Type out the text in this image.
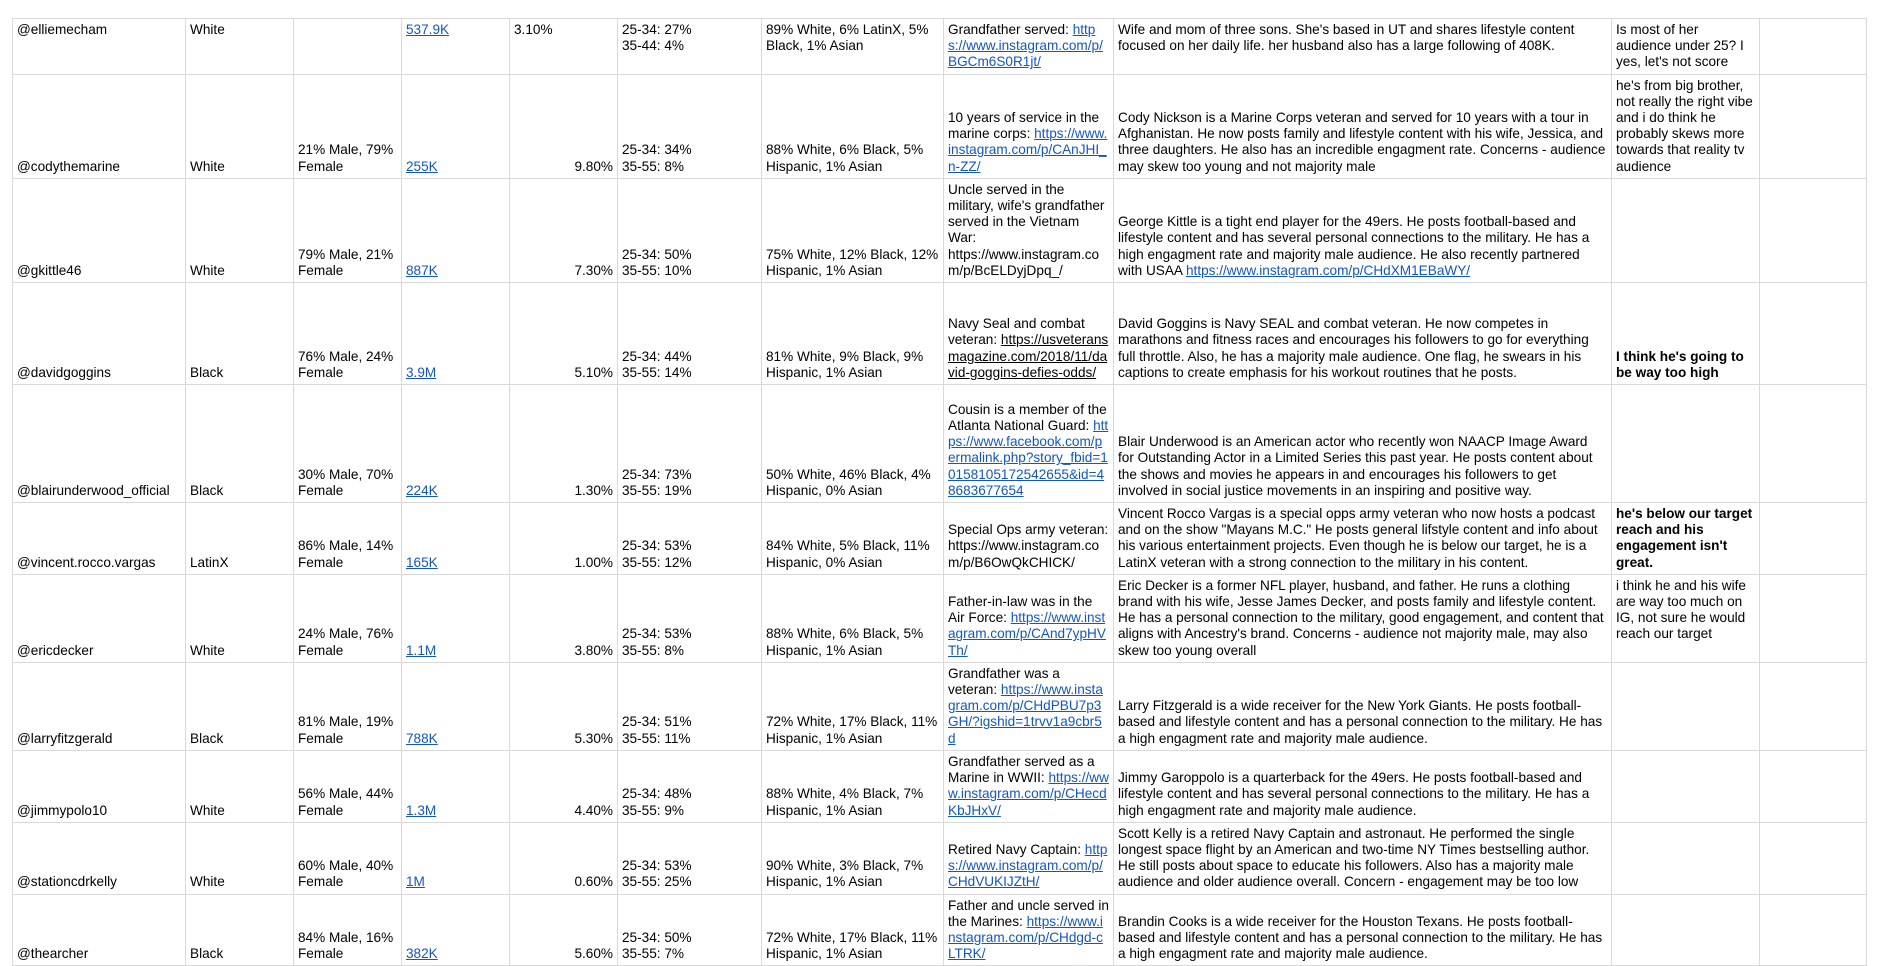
@elliemecham	White		537.9K	3.10%	25-34: 27%
35-44: 4%	89% White, 6% LatinX, 5% Black, 1% Asian	Grandfather served: https://www.instagram.com/p/BGCm6S0R1jt/	Wife and mom of three sons. She's based in UT and shares lifestyle content focused on her daily life. her husband also has a large following of 408K.	Is most of her audience under 25? I yes, let's not score	
@codythemarine	White	21% Male, 79% Female	255K	9.80%	25-34: 34%
35-55: 8%	88% White, 6% Black, 5% Hispanic, 1% Asian	10 years of service in the marine corps: https://www.instagram.com/p/CAnJHI_n-ZZ/	Cody Nickson is a Marine Corps veteran and served for 10 years with a tour in Afghanistan. He now posts family and lifestyle content with his wife, Jessica, and three daughters. He also has an incredible engagment rate. Concerns - audience may skew too young and not majority male	he's from big brother, not really the right vibe and i do think he probably skews more towards that reality tv audience	
@gkittle46	White	79% Male, 21% Female	887K	7.30%	25-34: 50%
35-55: 10%	75% White, 12% Black, 12% Hispanic, 1% Asian	Uncle served in the military, wife's grandfather served in the Vietnam War: https://www.instagram.com/p/BcELDyjDpq_/	George Kittle is a tight end player for the 49ers. He posts football-based and lifestyle content and has several personal connections to the military. He has a high engagment rate and majority male audience. He also recently partnered with USAA https://www.instagram.com/p/CHdXM1EBaWY/		
@davidgoggins	Black	76% Male, 24% Female	3.9M	5.10%	25-34: 44%
35-55: 14%	81% White, 9% Black, 9% Hispanic, 1% Asian	Navy Seal and combat veteran: https://usveteransmagazine.com/2018/11/david-goggins-defies-odds/	David Goggins is Navy SEAL and combat veteran. He now competes in marathons and fitness races and encourages his followers to go for everything full throttle. Also, he has a majority male audience. One flag, he swears in his captions to create emphasis for his workout routines that he posts.	I think he's going to be way too high	
@blairunderwood_official	Black	30% Male, 70% Female	224K	1.30%	25-34: 73%
35-55: 19%	50% White, 46% Black, 4% Hispanic, 0% Asian	Cousin is a member of the Atlanta National Guard: https://www.facebook.com/permalink.php?story_fbid=10158105172542655&id=48683677654	Blair Underwood is an American actor who recently won NAACP Image Award for Outstanding Actor in a Limited Series this past year. He posts content about the shows and movies he appears in and encourages his followers to get involved in social justice movements in an inspiring and positive way.		
@vincent.rocco.vargas	LatinX	86% Male, 14% Female	165K	1.00%	25-34: 53%
35-55: 12%	84% White, 5% Black, 11% Hispanic, 0% Asian	Special Ops army veteran: https://www.instagram.com/p/B6OwQkCHICK/	Vincent Rocco Vargas is a special opps army veteran who now hosts a podcast and on the show "Mayans M.C." He posts general lifstyle content and info about his various entertainment projects. Even though he is below our target, he is a LatinX veteran with a strong connection to the military in his content.	he's below our target reach and his engagement isn't great.	
@ericdecker	White	24% Male, 76% Female	1.1M	3.80%	25-34: 53%
35-55: 8%	88% White, 6% Black, 5% Hispanic, 1% Asian	Father-in-law was in the Air Force: https://www.instagram.com/p/CAnd7ypHVTh/	Eric Decker is a former NFL player, husband, and father. He runs a clothing brand with his wife, Jesse James Decker, and posts family and lifestyle content. He has a personal connection to the military, good engagement, and content that aligns with Ancestry's brand. Concerns - audience not majority male, may also skew too young overall	i think he and his wife are way too much on IG, not sure he would reach our target	
@larryfitzgerald	Black	81% Male, 19% Female	788K	5.30%	25-34: 51%
35-55: 11%	72% White, 17% Black, 11% Hispanic, 1% Asian	Grandfather was a veteran: https://www.instagram.com/p/CHdPBU7p3GH/?igshid=1trvv1a9cbr5d	Larry Fitzgerald is a wide receiver for the New York Giants. He posts football-based and lifestyle content and has a personal connection to the military. He has a high engagment rate and majority male audience.		
@jimmypolo10	White	56% Male, 44% Female	1.3M	4.40%	25-34: 48%
35-55: 9%	88% White, 4% Black, 7% Hispanic, 1% Asian	Grandfather served as a Marine in WWII: https://www.instagram.com/p/CHecdKbJHxV/	Jimmy Garoppolo is a quarterback for the 49ers. He posts football-based and lifestyle content and has several personal connections to the military. He has a high engagment rate and majority male audience.		
@stationcdrkelly	White	60% Male, 40% Female	1M	0.60%	25-34: 53%
35-55: 25%	90% White, 3% Black, 7% Hispanic, 1% Asian	Retired Navy Captain: https://www.instagram.com/p/CHdVUKIJZtH/	Scott Kelly is a retired Navy Captain and astronaut. He performed the single longest space flight by an American and two-time NY Times bestselling author. He still posts about space to educate his followers. Also has a majority male audience and older audience overall. Concern - engagement may be too low		
@thearcher	Black	84% Male, 16% Female	382K	5.60%	25-34: 50%
35-55: 7%	72% White, 17% Black, 11% Hispanic, 1% Asian	Father and uncle served in the Marines: https://www.instagram.com/p/CHdgd-cLTRK/	Brandin Cooks is a wide receiver for the Houston Texans. He posts football-based and lifestyle content and has a personal connection to the military. He has a high engagment rate and majority male audience.		
